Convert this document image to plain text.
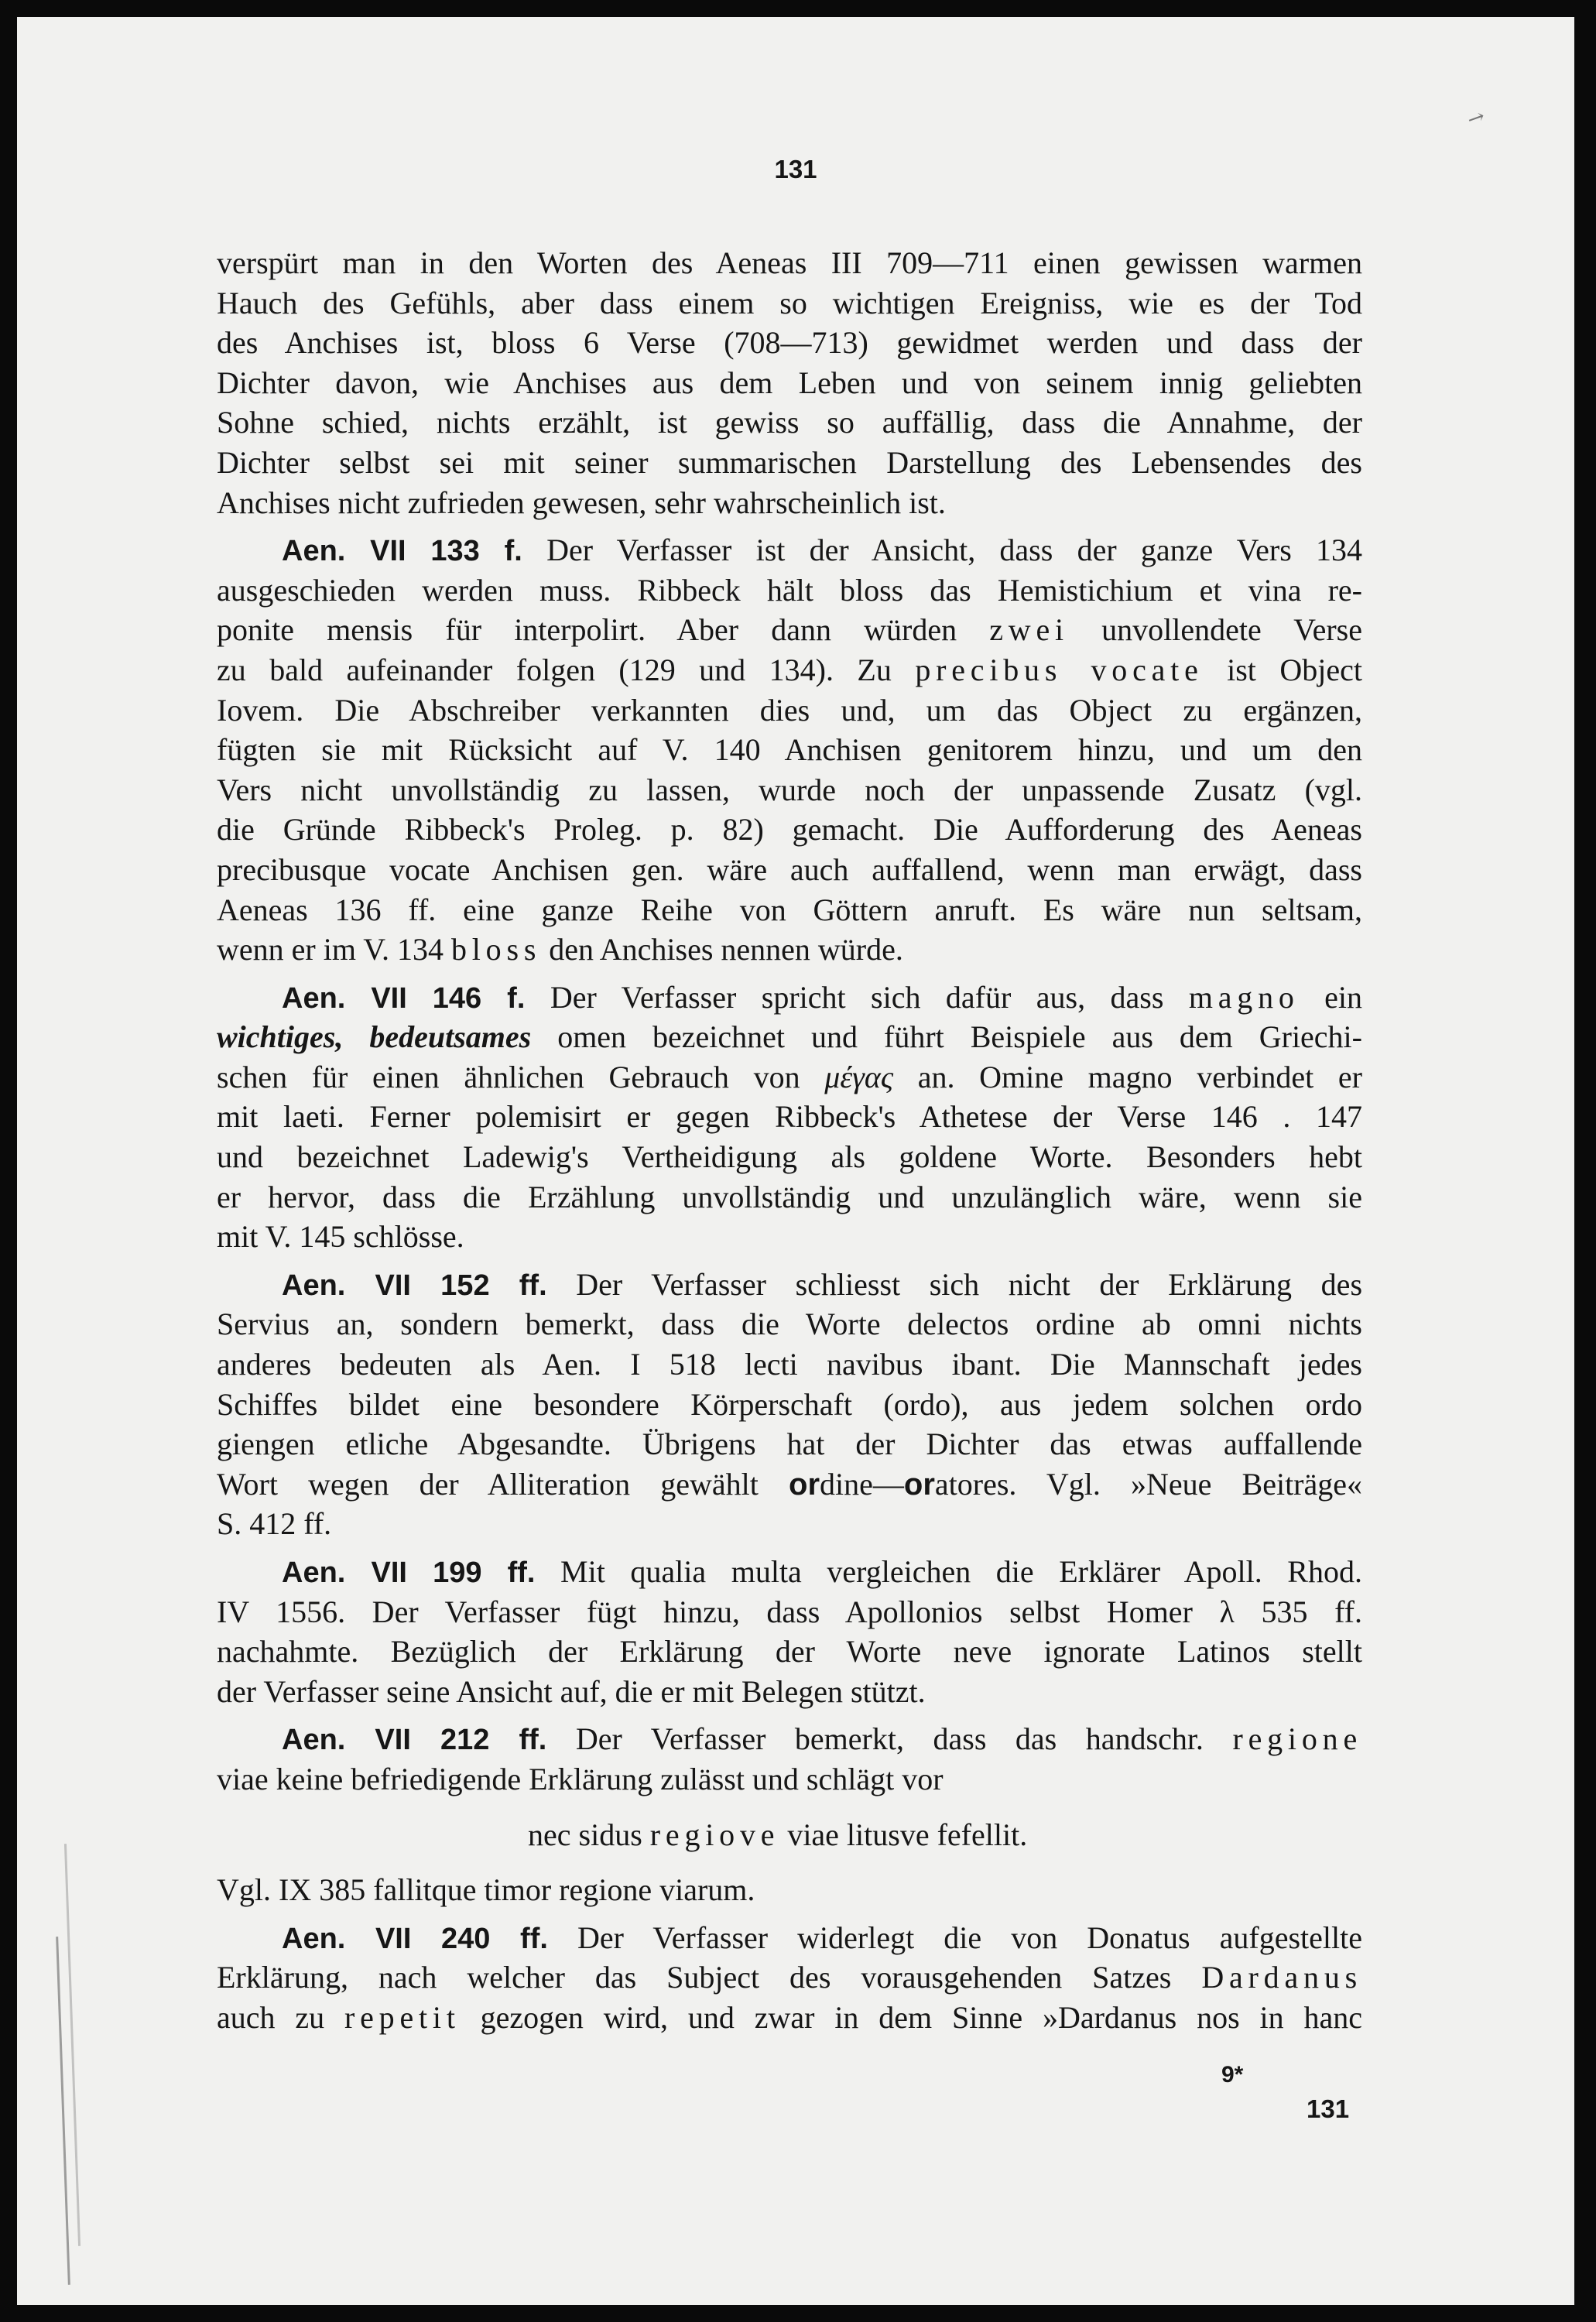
↗
131
verspürt man in den Worten des Aeneas III 709—711 einen gewissen warmen
Hauch des Gefühls, aber dass einem so wichtigen Ereigniss, wie es der Tod
des Anchises ist, bloss 6 Verse (708—713) gewidmet werden und dass der
Dichter davon, wie Anchises aus dem Leben und von seinem innig geliebten
Sohne schied, nichts erzählt, ist gewiss so auffällig, dass die Annahme, der
Dichter selbst sei mit seiner summarischen Darstellung des Lebensendes des
Anchises nicht zufrieden gewesen, sehr wahrscheinlich ist.
Aen. VII 133 f. Der Verfasser ist der Ansicht, dass der ganze Vers 134
ausgeschieden werden muss. Ribbeck hält bloss das Hemistichium et vina re-
ponite mensis für interpolirt. Aber dann würden zwei unvollendete Verse
zu bald aufeinander folgen (129 und 134). Zu precibus vocate ist Object
Iovem. Die Abschreiber verkannten dies und, um das Object zu ergänzen,
fügten sie mit Rücksicht auf V. 140 Anchisen genitorem hinzu, und um den
Vers nicht unvollständig zu lassen, wurde noch der unpassende Zusatz (vgl.
die Gründe Ribbeck's Proleg. p. 82) gemacht. Die Aufforderung des Aeneas
precibusque vocate Anchisen gen. wäre auch auffallend, wenn man erwägt, dass
Aeneas 136 ff. eine ganze Reihe von Göttern anruft. Es wäre nun seltsam,
wenn er im V. 134 bloss den Anchises nennen würde.
Aen. VII 146 f. Der Verfasser spricht sich dafür aus, dass magno ein
wichtiges, bedeutsames omen bezeichnet und führt Beispiele aus dem Griechi-
schen für einen ähnlichen Gebrauch von μέγας an. Omine magno verbindet er
mit laeti. Ferner polemisirt er gegen Ribbeck's Athetese der Verse 146 . 147
und bezeichnet Ladewig's Vertheidigung als goldene Worte. Besonders hebt
er hervor, dass die Erzählung unvollständig und unzulänglich wäre, wenn sie
mit V. 145 schlösse.
Aen. VII 152 ff. Der Verfasser schliesst sich nicht der Erklärung des
Servius an, sondern bemerkt, dass die Worte delectos ordine ab omni nichts
anderes bedeuten als Aen. I 518 lecti navibus ibant. Die Mannschaft jedes
Schiffes bildet eine besondere Körperschaft (ordo), aus jedem solchen ordo
giengen etliche Abgesandte. Übrigens hat der Dichter das etwas auffallende
Wort wegen der Alliteration gewählt ordine—oratores. Vgl. »Neue Beiträge«
S. 412 ff.
Aen. VII 199 ff. Mit qualia multa vergleichen die Erklärer Apoll. Rhod.
IV 1556. Der Verfasser fügt hinzu, dass Apollonios selbst Homer λ 535 ff.
nachahmte. Bezüglich der Erklärung der Worte neve ignorate Latinos stellt
der Verfasser seine Ansicht auf, die er mit Belegen stützt.
Aen. VII 212 ff. Der Verfasser bemerkt, dass das handschr. regione
viae keine befriedigende Erklärung zulässt und schlägt vor
nec sidus regiove viae litusve fefellit.
Vgl. IX 385 fallitque timor regione viarum.
Aen. VII 240 ff. Der Verfasser widerlegt die von Donatus aufgestellte
Erklärung, nach welcher das Subject des vorausgehenden Satzes Dardanus
auch zu repetit gezogen wird, und zwar in dem Sinne »Dardanus nos in hanc
9*
131
